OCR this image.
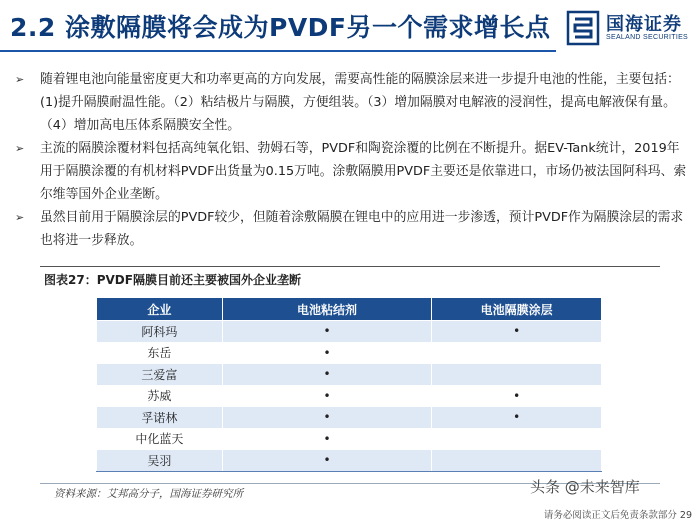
2.2 涂敷隔膜将会成为PVDF另一个需求增长点	国海证券
SEALAND SECURITIES
➢ 随着锂电池向能量密度更大和功率更高的方向发展，需要高性能的隔膜涂层来进一步提升电池的性能，主要包括：(1)提升隔膜耐温性能。（2）粘结极片与隔膜，方便组装。（3）增加隔膜对电解液的浸润性，提高电解液保有量。（4）增加高电压体系隔膜安全性。
➢ 主流的隔膜涂覆材料包括高纯氧化铝、勃姆石等，PVDF和陶瓷涂覆的比例在不断提升。据EV-Tank统计，2019年用于隔膜涂覆的有机材料PVDF出货量为0.15万吨。涂敷隔膜用PVDF主要还是依靠进口，市场仍被法国阿科玛、索尔维等国外企业垄断。
➢ 虽然目前用于隔膜涂层的PVDF较少，但随着涂敷隔膜在锂电中的应用进一步渗透，预计PVDF作为隔膜涂层的需求也将进一步释放。
图表27：PVDF隔膜目前还主要被国外企业垄断
企业	电池粘结剂	电池隔膜涂层
阿科玛	•	•
东岳	•	
三爱富	•	
苏威	•	•
孚诺林	•	•
中化蓝天	•	
吴羽	•	
资料来源：艾邦高分子，国海证券研究所	头条 @未来智库
请务必阅读正文后免责条款部分 29
